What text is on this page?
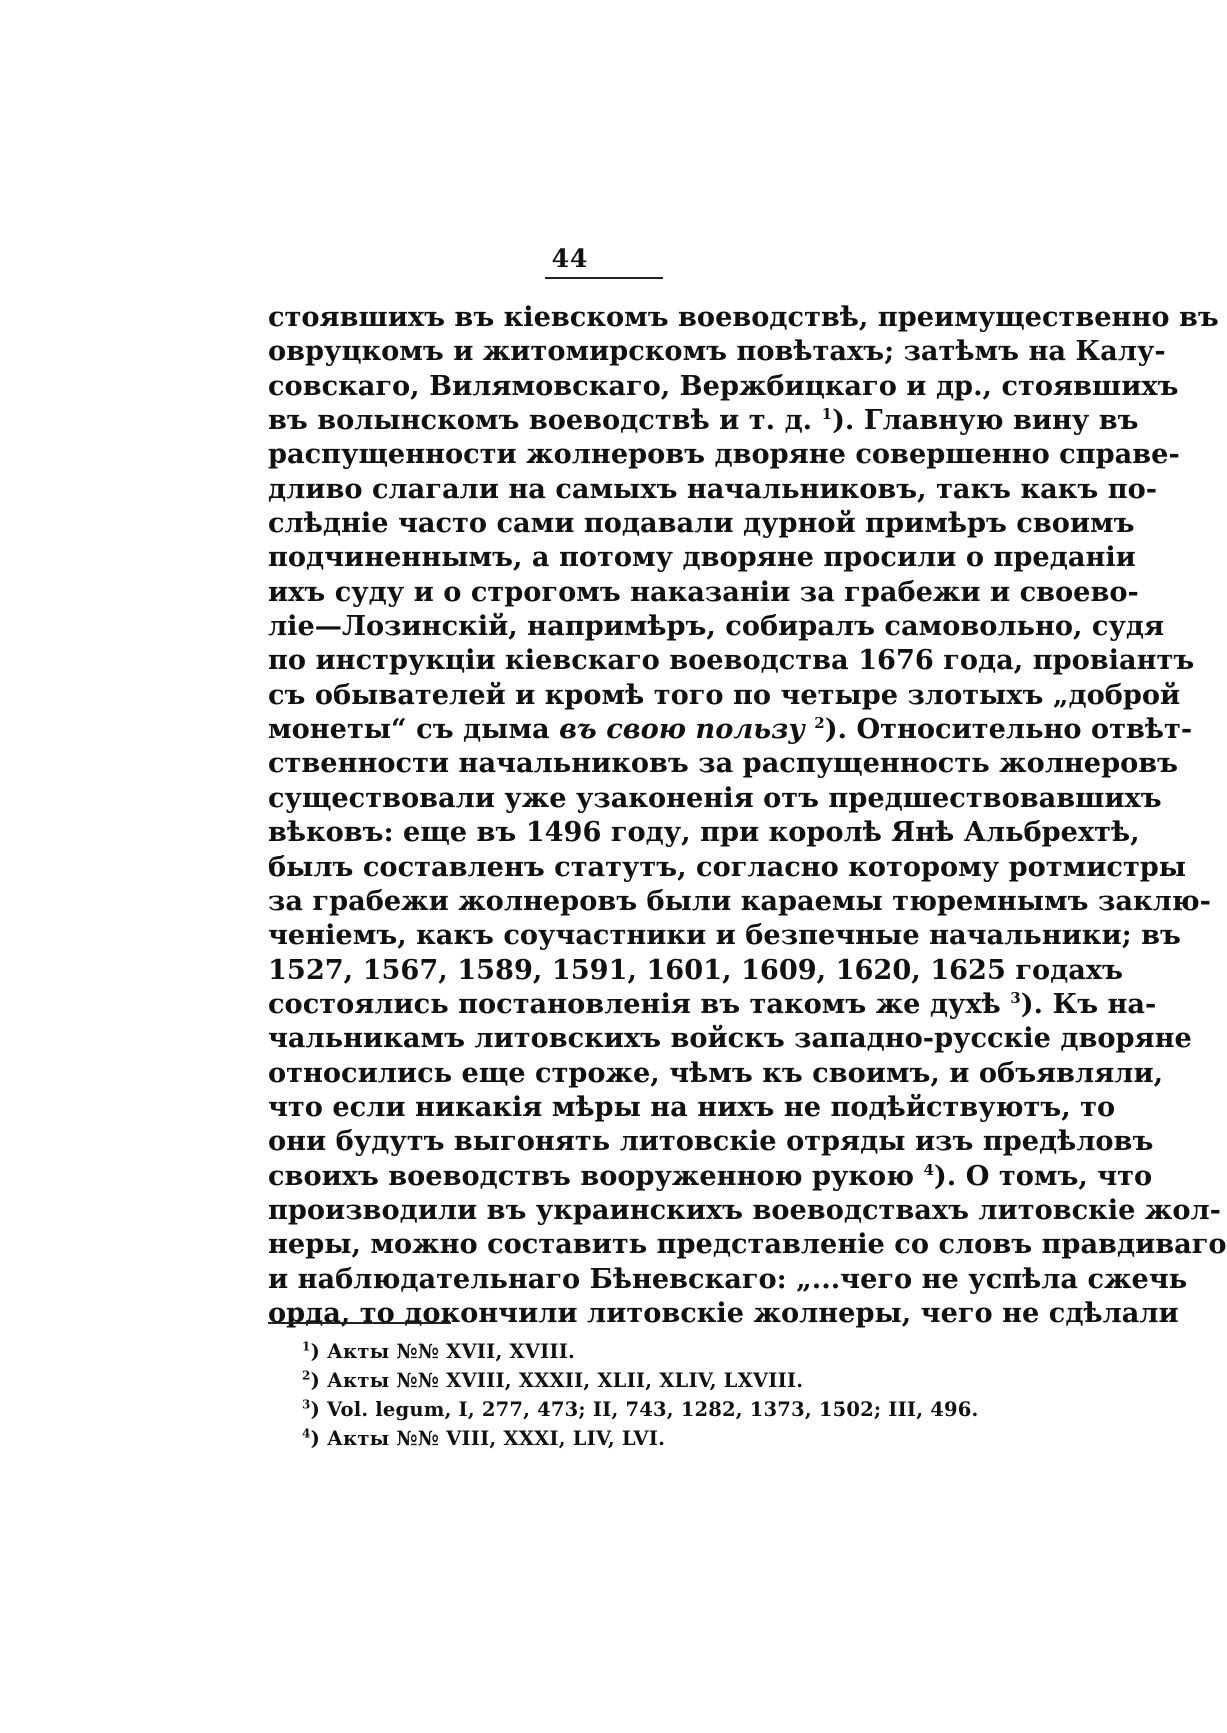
44
стоявшихъ въ кіевскомъ воеводствѣ, преимущественно въ
овруцкомъ и житомирскомъ повѣтахъ; затѣмъ на Калу-
совскаго, Вилямовскаго, Вержбицкаго и др., стоявшихъ
въ волынскомъ воеводствѣ и т. д. $^1$). Главную вину въ
распущенности жолнеровъ дворяне совершенно справе-
дливо слагали на самыхъ начальниковъ, такъ какъ по-
слѣдніе часто сами подавали дурной примѣръ своимъ
подчиненнымъ, а потому дворяне просили о преданіи
ихъ суду и о строгомъ наказаніи за грабежи и своево-
ліе—Лозинскій, напримѣръ, собиралъ самовольно, судя
по инструкціи кіевскаго воеводства 1676 года, провіантъ
съ обывателей и кромѣ того по четыре злотыхъ „доброй
монеты“ съ дыма въ свою пользу $^2$). Относительно отвѣт-
ственности начальниковъ за распущенность жолнеровъ
существовали уже узаконенія отъ предшествовавшихъ
вѣковъ: еще въ 1496 году, при королѣ Янѣ Альбрехтѣ,
былъ составленъ статутъ, согласно которому ротмистры
за грабежи жолнеровъ были караемы тюремнымъ заклю-
ченіемъ, какъ соучастники и безпечные начальники; въ
1527, 1567, 1589, 1591, 1601, 1609, 1620, 1625 годахъ
состоялись постановленія въ такомъ же духѣ $^3$). Къ на-
чальникамъ литовскихъ войскъ западно-русскіе дворяне
относились еще строже, чѣмъ къ своимъ, и объявляли,
что если никакія мѣры на нихъ не подѣйствуютъ, то
они будутъ выгонять литовскіе отряды изъ предѣловъ
своихъ воеводствъ вооруженною рукою $^4$). О томъ, что
производили въ украинскихъ воеводствахъ литовскіе жол-
неры, можно составить представленіе со словъ правдиваго
и наблюдательнаго Бѣневскаго: „...чего не успѣла сжечь
орда, то докончили литовскіе жолнеры, чего не сдѣлали
$^1$) Акты №№ XVII, XVIII.
$^2$) Акты №№ XVIII, XXXII, XLII, XLIV, LXVIII.
$^3$) Vol. legum, I, 277, 473; II, 743, 1282, 1373, 1502; III, 496.
$^4$) Акты №№ VIII, XXXI, LIV, LVI.
